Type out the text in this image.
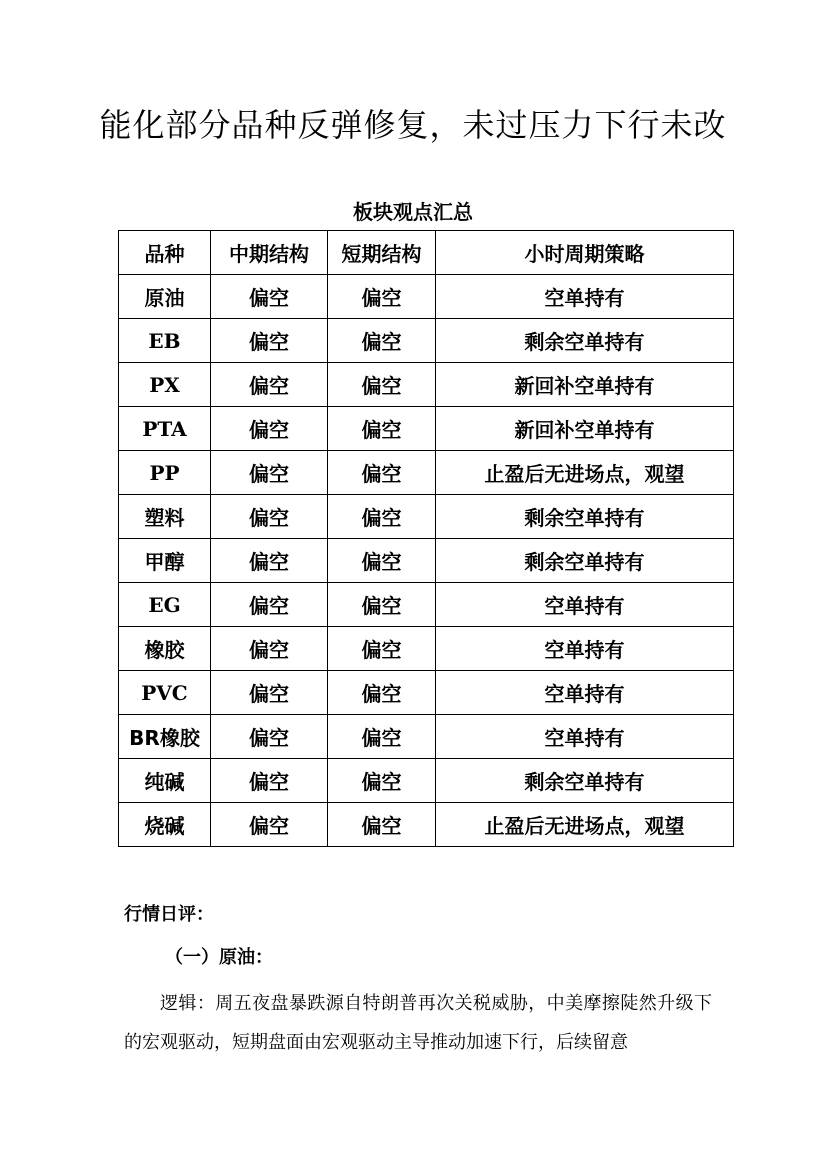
能化部分品种反弹修复，未过压力下行未改
板块观点汇总
品种	中期结构	短期结构	小时周期策略
原油	偏空	偏空	空单持有
EB	偏空	偏空	剩余空单持有
PX	偏空	偏空	新回补空单持有
PTA	偏空	偏空	新回补空单持有
PP	偏空	偏空	止盈后无进场点，观望
塑料	偏空	偏空	剩余空单持有
甲醇	偏空	偏空	剩余空单持有
EG	偏空	偏空	空单持有
橡胶	偏空	偏空	空单持有
PVC	偏空	偏空	空单持有
BR橡胶	偏空	偏空	空单持有
纯碱	偏空	偏空	剩余空单持有
烧碱	偏空	偏空	止盈后无进场点，观望
行情日评：
（一）原油：
逻辑：周五夜盘暴跌源自特朗普再次关税威胁，中美摩擦陡然升级下的宏观驱动，短期盘面由宏观驱动主导推动加速下行，后续留意
